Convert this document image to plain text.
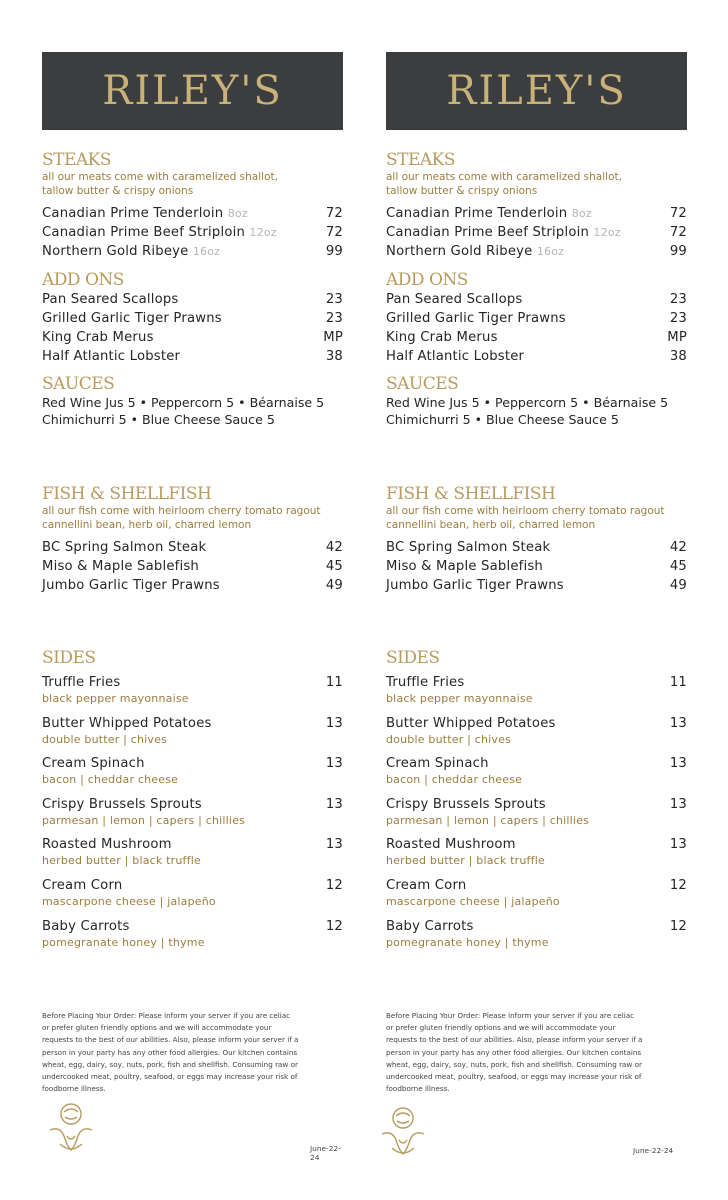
RILEY'S
STEAKS
all our meats come with caramelized shallot,
tallow butter & crispy onions
Canadian Prime Tenderloin 8oz	72
Canadian Prime Beef Striploin 12oz	72
Northern Gold Ribeye 16oz	99
ADD ONS
Pan Seared Scallops	23
Grilled Garlic Tiger Prawns	23
King Crab Merus	MP
Half Atlantic Lobster	38
SAUCES
Red Wine Jus 5 • Peppercorn 5 • Béarnaise 5
Chimichurri 5 • Blue Cheese Sauce 5
FISH & SHELLFISH
all our fish come with heirloom cherry tomato ragout
cannellini bean, herb oil, charred lemon
BC Spring Salmon Steak	42
Miso & Maple Sablefish	45
Jumbo Garlic Tiger Prawns	49
SIDES
Truffle Fries	11
black pepper mayonnaise
Butter Whipped Potatoes	13
double butter | chives
Cream Spinach	13
bacon | cheddar cheese
Crispy Brussels Sprouts	13
parmesan | lemon | capers | chillies
Roasted Mushroom	13
herbed butter | black truffle
Cream Corn	12
mascarpone cheese | jalapeño
Baby Carrots	12
pomegranate honey | thyme
Before Placing Your Order: Please inform your server if you are celiac
or prefer gluten friendly options and we will accommodate your
requests to the best of our abilities. Also, please inform your server if a
person in your party has any other food allergies. Our kitchen contains
wheat, egg, dairy, soy, nuts, pork, fish and shellfish. Consuming raw or
undercooked meat, poultry, seafood, or eggs may increase your risk of
foodborne illness.
June-22-24
RILEY'S
STEAKS
all our meats come with caramelized shallot,
tallow butter & crispy onions
Canadian Prime Tenderloin 8oz	72
Canadian Prime Beef Striploin 12oz	72
Northern Gold Ribeye 16oz	99
ADD ONS
Pan Seared Scallops	23
Grilled Garlic Tiger Prawns	23
King Crab Merus	MP
Half Atlantic Lobster	38
SAUCES
Red Wine Jus 5 • Peppercorn 5 • Béarnaise 5
Chimichurri 5 • Blue Cheese Sauce 5
FISH & SHELLFISH
all our fish come with heirloom cherry tomato ragout
cannellini bean, herb oil, charred lemon
BC Spring Salmon Steak	42
Miso & Maple Sablefish	45
Jumbo Garlic Tiger Prawns	49
SIDES
Truffle Fries	11
black pepper mayonnaise
Butter Whipped Potatoes	13
double butter | chives
Cream Spinach	13
bacon | cheddar cheese
Crispy Brussels Sprouts	13
parmesan | lemon | capers | chillies
Roasted Mushroom	13
herbed butter | black truffle
Cream Corn	12
mascarpone cheese | jalapeño
Baby Carrots	12
pomegranate honey | thyme
Before Placing Your Order: Please inform your server if you are celiac
or prefer gluten friendly options and we will accommodate your
requests to the best of our abilities. Also, please inform your server if a
person in your party has any other food allergies. Our kitchen contains
wheat, egg, dairy, soy, nuts, pork, fish and shellfish. Consuming raw or
undercooked meat, poultry, seafood, or eggs may increase your risk of
foodborne illness.
June-22-24
